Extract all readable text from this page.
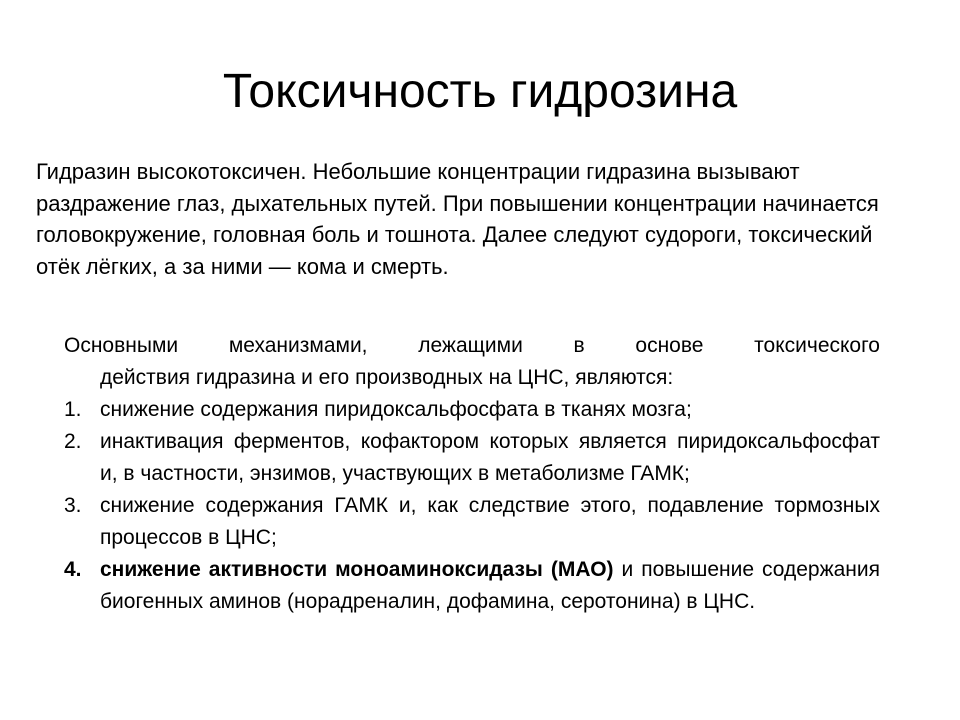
Токсичность гидрозина

Гидразин высокотоксичен. Небольшие концентрации гидразина вызывают раздражение глаз, дыхательных путей. При повышении концентрации начинается головокружение, головная боль и тошнота. Далее следуют судороги, токсический отёк лёгких, а за ними — кома и смерть.

Основными механизмами, лежащими в основе токсического
действия гидразина и его производных на ЦНС, являются:

1. снижение содержания пиридоксальфосфата в тканях мозга;
2. инактивация ферментов, кофактором которых является пиридоксальфосфат и, в частности, энзимов, участвующих в метаболизме ГАМК;
3. снижение содержания ГАМК и, как следствие этого, подавление тормозных процессов в ЦНС;
4. снижение активности моноаминоксидазы (МАО) и повышение содержания биогенных аминов (норадреналин, дофамина, серотонина) в ЦНС.
